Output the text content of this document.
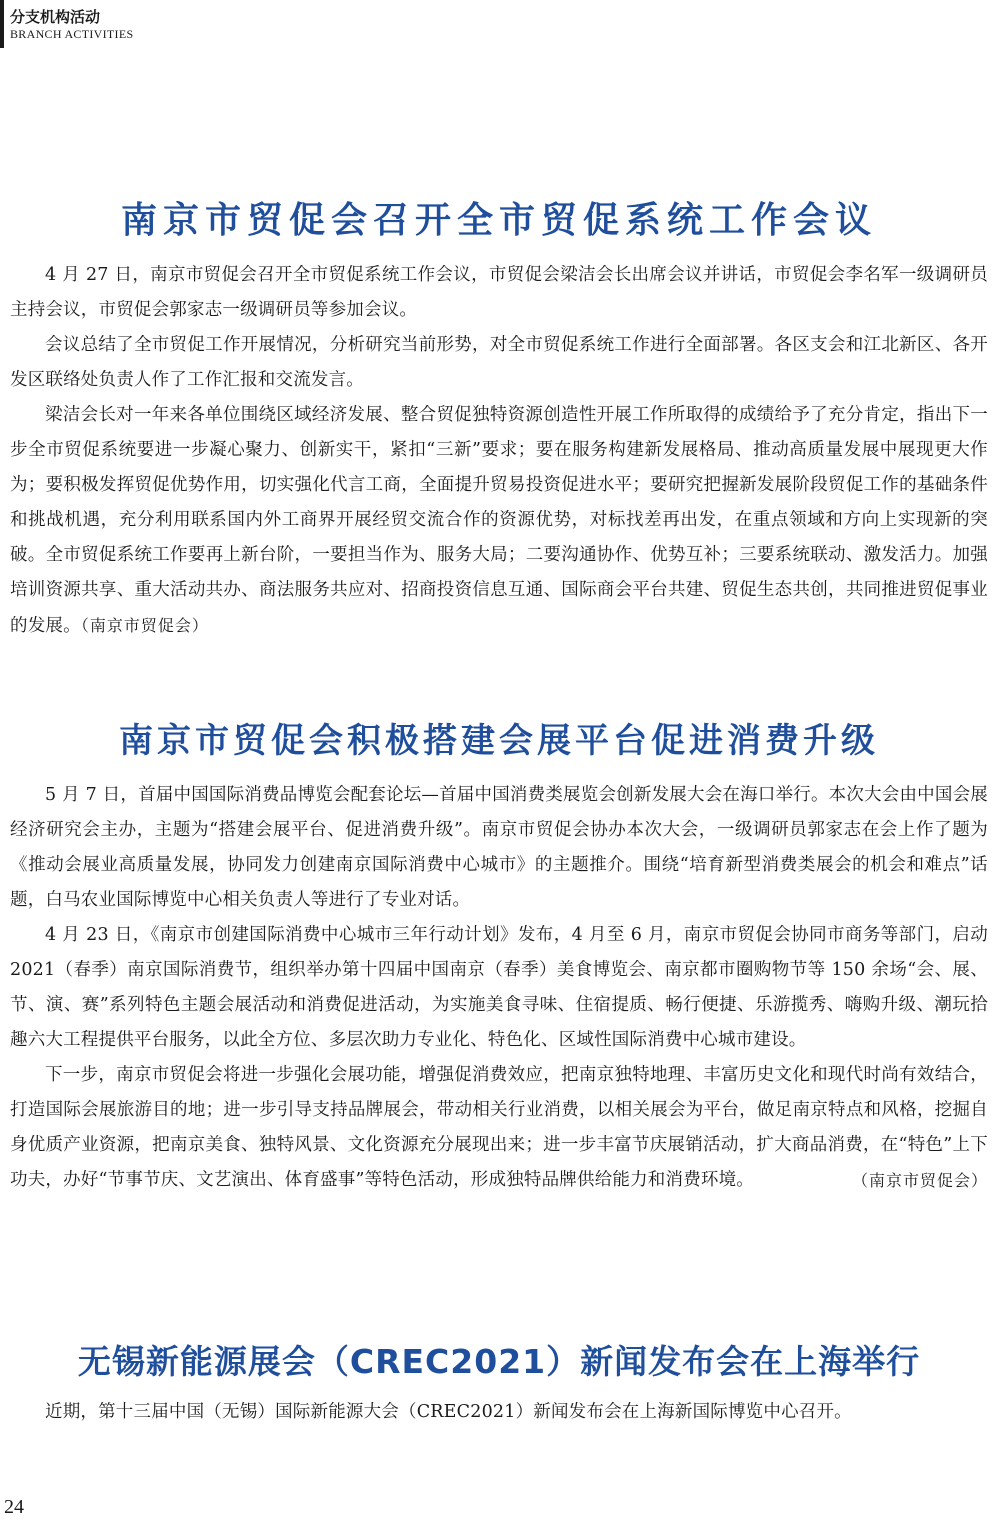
分支机构活动
BRANCH ACTIVITIES
南京市贸促会召开全市贸促系统工作会议

4 月 27 日，南京市贸促会召开全市贸促系统工作会议，市贸促会梁洁会长出席会议并讲话，市贸促会李名军一级调研员主持会议，市贸促会郭家志一级调研员等参加会议。

会议总结了全市贸促工作开展情况，分析研究当前形势，对全市贸促系统工作进行全面部署。各区支会和江北新区、各开发区联络处负责人作了工作汇报和交流发言。

梁洁会长对一年来各单位围绕区域经济发展、整合贸促独特资源创造性开展工作所取得的成绩给予了充分肯定，指出下一步全市贸促系统要进一步凝心聚力、创新实干，紧扣“三新”要求；要在服务构建新发展格局、推动高质量发展中展现更大作为；要积极发挥贸促优势作用，切实强化代言工商，全面提升贸易投资促进水平；要研究把握新发展阶段贸促工作的基础条件和挑战机遇，充分利用联系国内外工商界开展经贸交流合作的资源优势，对标找差再出发，在重点领域和方向上实现新的突破。全市贸促系统工作要再上新台阶，一要担当作为、服务大局；二要沟通协作、优势互补；三要系统联动、激发活力。加强培训资源共享、重大活动共办、商法服务共应对、招商投资信息互通、国际商会平台共建、贸促生态共创，共同推进贸促事业的发展。（南京市贸促会）

南京市贸促会积极搭建会展平台促进消费升级

5 月 7 日，首届中国国际消费品博览会配套论坛—首届中国消费类展览会创新发展大会在海口举行。本次大会由中国会展经济研究会主办，主题为“搭建会展平台、促进消费升级”。南京市贸促会协办本次大会，一级调研员郭家志在会上作了题为《推动会展业高质量发展，协同发力创建南京国际消费中心城市》的主题推介。围绕“培育新型消费类展会的机会和难点”话题，白马农业国际博览中心相关负责人等进行了专业对话。

4 月 23 日，《南京市创建国际消费中心城市三年行动计划》发布，4 月至 6 月，南京市贸促会协同市商务等部门，启动 2021（春季）南京国际消费节，组织举办第十四届中国南京（春季）美食博览会、南京都市圈购物节等 150 余场“会、展、节、演、赛”系列特色主题会展活动和消费促进活动，为实施美食寻味、住宿提质、畅行便捷、乐游揽秀、嗨购升级、潮玩拾趣六大工程提供平台服务，以此全方位、多层次助力专业化、特色化、区域性国际消费中心城市建设。

下一步，南京市贸促会将进一步强化会展功能，增强促消费效应，把南京独特地理、丰富历史文化和现代时尚有效结合，打造国际会展旅游目的地；进一步引导支持品牌展会，带动相关行业消费，以相关展会为平台，做足南京特点和风格，挖掘自身优质产业资源，把南京美食、独特风景、文化资源充分展现出来；进一步丰富节庆展销活动，扩大商品消费，在“特色”上下功夫，办好“节事节庆、文艺演出、体育盛事”等特色活动，形成独特品牌供给能力和消费环境。	（南京市贸促会）

无锡新能源展会（CREC2021）新闻发布会在上海举行

近期，第十三届中国（无锡）国际新能源大会（CREC2021）新闻发布会在上海新国际博览中心召开。

24
